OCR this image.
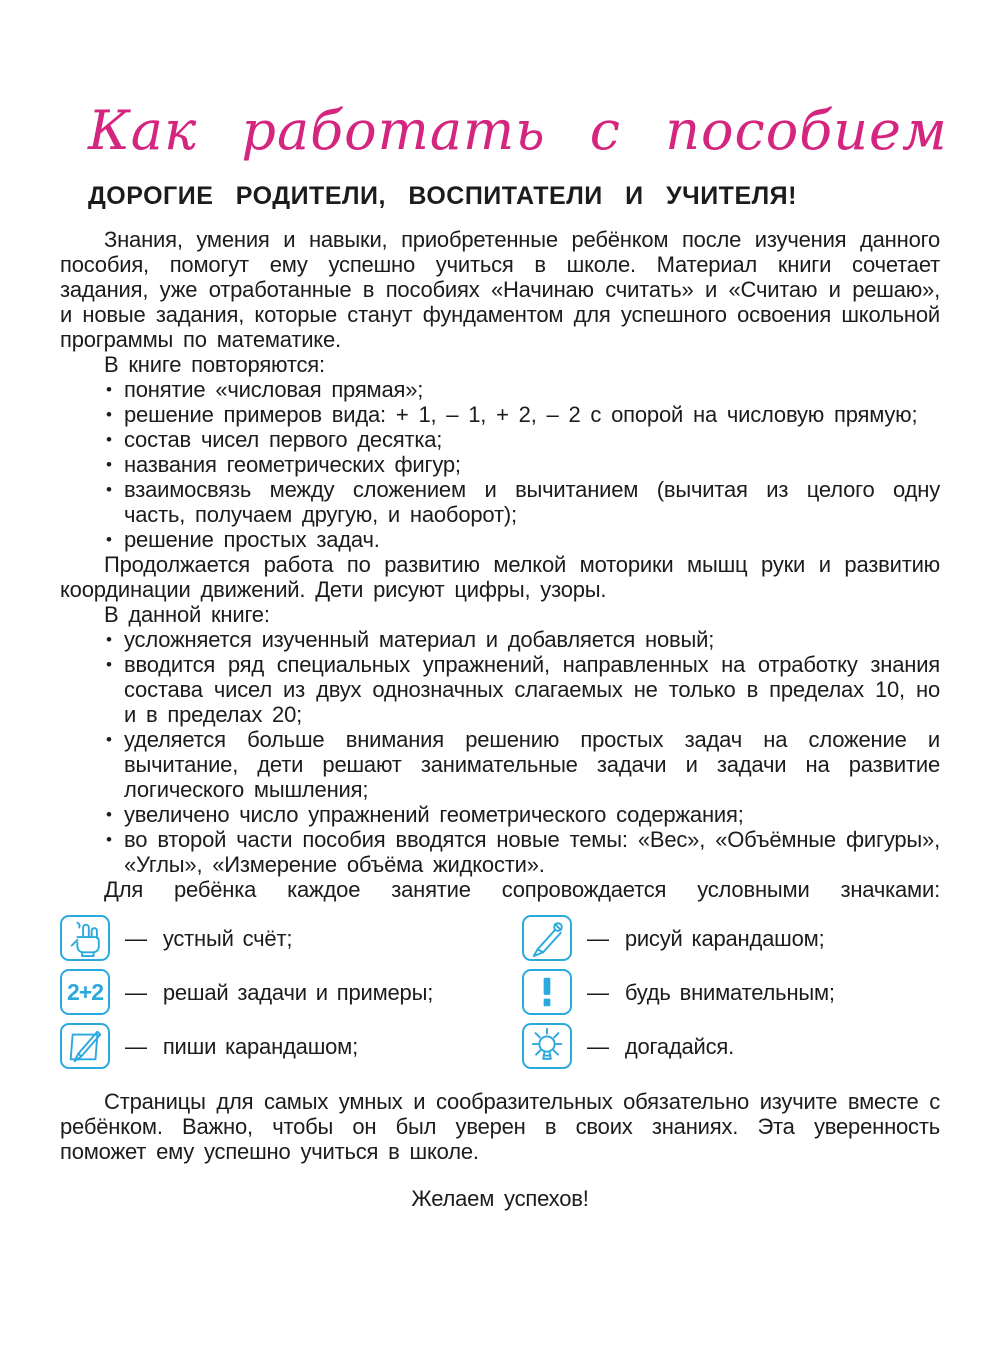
Как работать с пособием
ДОРОГИЕ РОДИТЕЛИ, ВОСПИТАТЕЛИ И УЧИТЕЛЯ!

Знания, умения и навыки, приобретенные ребёнком после изучения данного пособия, помогут ему успешно учиться в школе. Материал книги сочетает задания, уже отработанные в пособиях «Начинаю считать» и «Считаю и решаю», и новые задания, которые станут фундаментом для успешного освоения школьной программы по математике.

В книге повторяются:

• понятие «числовая прямая»;
• решение примеров вида: + 1, – 1, + 2, – 2 с опорой на числовую прямую;
• состав чисел первого десятка;
• названия геометрических фигур;
• взаимосвязь между сложением и вычитанием (вычитая из целого одну часть, получаем другую, и наоборот);
• решение простых задач.

Продолжается работа по развитию мелкой моторики мышц руки и развитию координации движений. Дети рисуют цифры, узоры.

В данной книге:

• усложняется изученный материал и добавляется новый;
• вводится ряд специальных упражнений, направленных на отработку знания состава чисел из двух однозначных слагаемых не только в пределах 10, но и в пределах 20;
• уделяется больше внимания решению простых задач на сложение и вычитание, дети решают занимательные задачи и задачи на развитие логического мышления;
• увеличено число упражнений геометрического содержания;
• во второй части пособия вводятся новые темы: «Вес», «Объёмные фигуры», «Углы», «Измерение объёма жидкости».

Для ребёнка каждое занятие сопровождается условными значками:

— устный счёт;
2+2 — решай задачи и примеры;
— пиши карандашом;
— рисуй карандашом;
— будь внимательным;
— догадайся.

Страницы для самых умных и сообразительных обязательно изучите вместе с ребёнком. Важно, чтобы он был уверен в своих знаниях. Эта уверенность поможет ему успешно учиться в школе.

Желаем успехов!
